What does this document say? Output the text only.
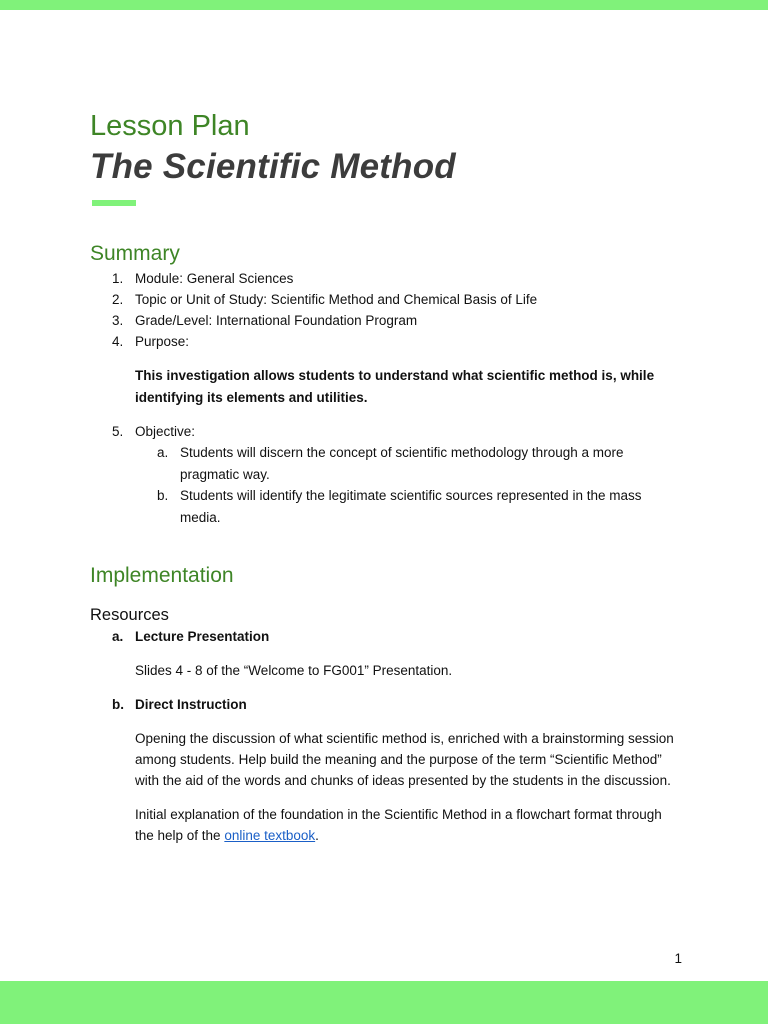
Lesson Plan
The Scientific Method
Summary
1. Module: General Sciences
2. Topic or Unit of Study: Scientific Method and Chemical Basis of Life
3. Grade/Level: International Foundation Program
4. Purpose:

This investigation allows students to understand what scientific method is, while identifying its elements and utilities.

5. Objective:
a. Students will discern the concept of scientific methodology through a more pragmatic way.
b. Students will identify the legitimate scientific sources represented in the mass media.
Implementation
Resources
a. Lecture Presentation

Slides 4 - 8 of the “Welcome to FG001” Presentation.

b. Direct Instruction

Opening the discussion of what scientific method is, enriched with a brainstorming session among students. Help build the meaning and the purpose of the term “Scientific Method” with the aid of the words and chunks of ideas presented by the students in the discussion.

Initial explanation of the foundation in the Scientific Method in a flowchart format through the help of the online textbook.

1
